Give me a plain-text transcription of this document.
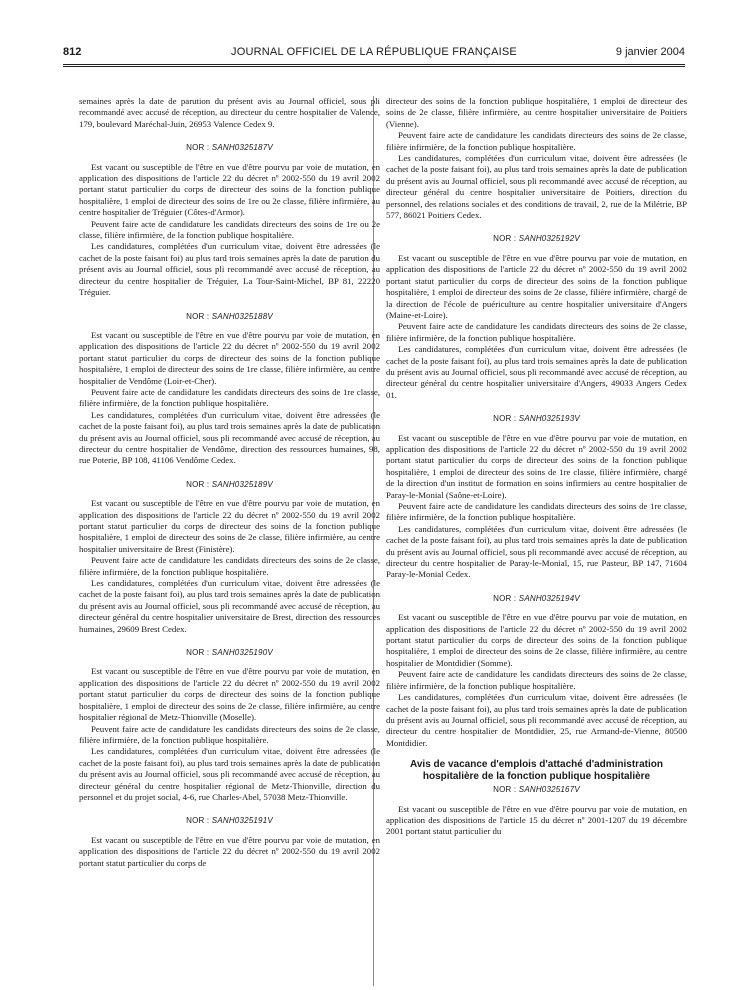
812	JOURNAL OFFICIEL DE LA RÉPUBLIQUE FRANÇAISE	9 janvier 2004

semaines après la date de parution du présent avis au Journal officiel, sous pli recommandé avec accusé de réception, au directeur du centre hospitalier de Valence, 179, boulevard Maréchal-Juin, 26953 Valence Cedex 9.

NOR : SANH0325187V

Est vacant ou susceptible de l'être en vue d'être pourvu par voie de mutation, en application des dispositions de l'article 22 du décret nº 2002-550 du 19 avril 2002 portant statut particulier du corps de directeur des soins de la fonction publique hospitalière, 1 emploi de directeur des soins de 1re ou 2e classe, filière infirmière, au centre hospitalier de Tréguier (Côtes-d'Armor).

Peuvent faire acte de candidature les candidats directeurs des soins de 1re ou 2e classe, filière infirmière, de la fonction publique hospitalière.

Les candidatures, complétées d'un curriculum vitae, doivent être adressées (le cachet de la poste faisant foi) au plus tard trois semaines après la date de parution du présent avis au Journal officiel, sous pli recommandé avec accusé de réception, au directeur du centre hospitalier de Tréguier, La Tour-Saint-Michel, BP 81, 22220 Tréguier.

NOR : SANH0325188V

Est vacant ou susceptible de l'être en vue d'être pourvu par voie de mutation, en application des dispositions de l'article 22 du décret nº 2002-550 du 19 avril 2002 portant statut particulier du corps de directeur des soins de la fonction publique hospitalière, 1 emploi de directeur des soins de 1re classe, filière infirmière, au centre hospitalier de Vendôme (Loir-et-Cher).

Peuvent faire acte de candidature les candidats directeurs des soins de 1re classe, filière infirmière, de la fonction publique hospitalière.

Les candidatures, complétées d'un curriculum vitae, doivent être adressées (le cachet de la poste faisant foi), au plus tard trois semaines après la date de publication du présent avis au Journal officiel, sous pli recommandé avec accusé de réception, au directeur du centre hospitalier de Vendôme, direction des ressources humaines, 98, rue Poterie, BP 108, 41106 Vendôme Cedex.

NOR : SANH0325189V

Est vacant ou susceptible de l'être en vue d'être pourvu par voie de mutation, en application des dispositions de l'article 22 du décret nº 2002-550 du 19 avril 2002 portant statut particulier du corps de directeur des soins de la fonction publique hospitalière, 1 emploi de directeur des soins de 2e classe, filière infirmière, au centre hospitalier universitaire de Brest (Finistère).

Peuvent faire acte de candidature les candidats directeurs des soins de 2e classe, filière infirmière, de la fonction publique hospitalière.

Les candidatures, complétées d'un curriculum vitae, doivent être adressées (le cachet de la poste faisant foi), au plus tard trois semaines après la date de publication du présent avis au Journal officiel, sous pli recommandé avec accusé de réception, au directeur général du centre hospitalier universitaire de Brest, direction des ressources humaines, 29609 Brest Cedex.

NOR : SANH0325190V

Est vacant ou susceptible de l'être en vue d'être pourvu par voie de mutation, en application des dispositions de l'article 22 du décret nº 2002-550 du 19 avril 2002 portant statut particulier du corps de directeur des soins de la fonction publique hospitalière, 1 emploi de directeur des soins de 2e classe, filière infirmière, au centre hospitalier régional de Metz-Thionville (Moselle).

Peuvent faire acte de candidature les candidats directeurs des soins de 2e classe, filière infirmière, de la fonction publique hospitalière.

Les candidatures, complétées d'un curriculum vitae, doivent être adressées (le cachet de la poste faisant foi), au plus tard trois semaines après la date de publication du présent avis au Journal officiel, sous pli recommandé avec accusé de réception, au directeur général du centre hospitalier régional de Metz-Thionville, direction du personnel et du projet social, 4-6, rue Charles-Abel, 57038 Metz-Thionville.

NOR : SANH0325191V

Est vacant ou susceptible de l'être en vue d'être pourvu par voie de mutation, en application des dispositions de l'article 22 du décret nº 2002-550 du 19 avril 2002 portant statut particulier du corps de

directeur des soins de la fonction publique hospitalière, 1 emploi de directeur des soins de 2e classe, filière infirmière, au centre hospitalier universitaire de Poitiers (Vienne).

Peuvent faire acte de candidature les candidats directeurs des soins de 2e classe, filière infirmière, de la fonction publique hospitalière.

Les candidatures, complétées d'un curriculum vitae, doivent être adressées (le cachet de la poste faisant foi), au plus tard trois semaines après la date de publication du présent avis au Journal officiel, sous pli recommandé avec accusé de réception, au directeur général du centre hospitalier universitaire de Poitiers, direction du personnel, des relations sociales et des conditions de travail, 2, rue de la Milétrie, BP 577, 86021 Poitiers Cedex.

NOR : SANH0325192V

Est vacant ou susceptible de l'être en vue d'être pourvu par voie de mutation, en application des dispositions de l'article 22 du décret nº 2002-550 du 19 avril 2002 portant statut particulier du corps de directeur des soins de la fonction publique hospitalière, 1 emploi de directeur des soins de 2e classe, filière infirmière, chargé de la direction de l'école de puériculture au centre hospitalier universitaire d'Angers (Maine-et-Loire).

Peuvent faire acte de candidature les candidats directeurs des soins de 2e classe, filière infirmière, de la fonction publique hospitalière.

Les candidatures, complétées d'un curriculum vitae, doivent être adressées (le cachet de la poste faisant foi), au plus tard trois semaines après la date de publication du présent avis au Journal officiel, sous pli recommandé avec accusé de réception, au directeur général du centre hospitalier universitaire d'Angers, 49033 Angers Cedex 01.

NOR : SANH0325193V

Est vacant ou susceptible de l'être en vue d'être pourvu par voie de mutation, en application des dispositions de l'article 22 du décret nº 2002-550 du 19 avril 2002 portant statut particulier du corps de directeur des soins de la fonction publique hospitalière, 1 emploi de directeur des soins de 1re classe, filière infirmière, chargé de la direction d'un institut de formation en soins infirmiers au centre hospitalier de Paray-le-Monial (Saône-et-Loire).

Peuvent faire acte de candidature les candidats directeurs des soins de 1re classe, filière infirmière, de la fonction publique hospitalière.

Les candidatures, complétées d'un curriculum vitae, doivent être adressées (le cachet de la poste faisant foi), au plus tard trois semaines après la date de publication du présent avis au Journal officiel, sous pli recommandé avec accusé de réception, au directeur du centre hospitalier de Paray-le-Monial, 15, rue Pasteur, BP 147, 71604 Paray-le-Monial Cedex.

NOR : SANH0325194V

Est vacant ou susceptible de l'être en vue d'être pourvu par voie de mutation, en application des dispositions de l'article 22 du décret nº 2002-550 du 19 avril 2002 portant statut particulier du corps de directeur des soins de la fonction publique hospitalière, 1 emploi de directeur des soins de 2e classe, filière infirmière, au centre hospitalier de Montdidier (Somme).

Peuvent faire acte de candidature les candidats directeurs des soins de 2e classe, filière infirmière, de la fonction publique hospitalière.

Les candidatures, complétées d'un curriculum vitae, doivent être adressées (le cachet de la poste faisant foi), au plus tard trois semaines après la date de publication du présent avis au Journal officiel, sous pli recommandé avec accusé de réception, au directeur du centre hospitalier de Montdidier, 25, rue Armand-de-Vienne, 80500 Montdidier.

Avis de vacance d'emplois d'attaché d'administration
hospitalière de la fonction publique hospitalière
NOR : SANH0325167V

Est vacant ou susceptible de l'être en vue d'être pourvu par voie de mutation, en application des dispositions de l'article 15 du décret nº 2001-1207 du 19 décembre 2001 portant statut particulier du
